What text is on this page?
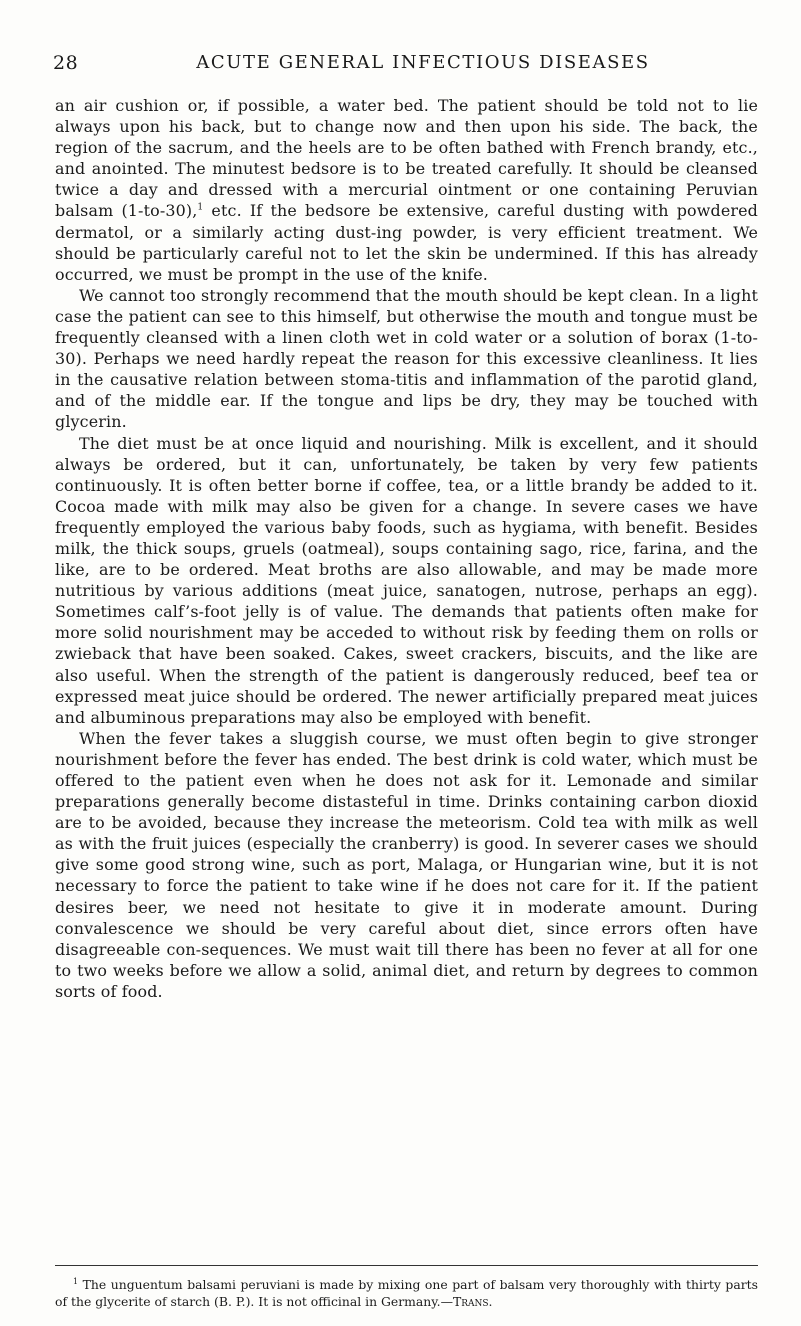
28	ACUTE GENERAL INFECTIOUS DISEASES

an air cushion or, if possible, a water bed. The patient should be told not to lie always upon his back, but to change now and then upon his side. The back, the region of the sacrum, and the heels are to be often bathed with French brandy, etc., and anointed. The minutest bedsore is to be treated carefully. It should be cleansed twice a day and dressed with a mercurial ointment or one containing Peruvian balsam (1-to-30),$^1$ etc. If the bedsore be extensive, careful dusting with powdered dermatol, or a similarly acting dust-ing powder, is very efficient treatment. We should be particularly careful not to let the skin be undermined. If this has already occurred, we must be prompt in the use of the knife.

We cannot too strongly recommend that the mouth should be kept clean. In a light case the patient can see to this himself, but otherwise the mouth and tongue must be frequently cleansed with a linen cloth wet in cold water or a solution of borax (1-to-30). Perhaps we need hardly repeat the reason for this excessive cleanliness. It lies in the causative relation between stoma-titis and inflammation of the parotid gland, and of the middle ear. If the tongue and lips be dry, they may be touched with glycerin.

The diet must be at once liquid and nourishing. Milk is excellent, and it should always be ordered, but it can, unfortunately, be taken by very few patients continuously. It is often better borne if coffee, tea, or a little brandy be added to it. Cocoa made with milk may also be given for a change. In severe cases we have frequently employed the various baby foods, such as hygiama, with benefit. Besides milk, the thick soups, gruels (oatmeal), soups containing sago, rice, farina, and the like, are to be ordered. Meat broths are also allowable, and may be made more nutritious by various additions (meat juice, sanatogen, nutrose, perhaps an egg). Sometimes calf’s-foot jelly is of value. The demands that patients often make for more solid nourishment may be acceded to without risk by feeding them on rolls or zwieback that have been soaked. Cakes, sweet crackers, biscuits, and the like are also useful. When the strength of the patient is dangerously reduced, beef tea or expressed meat juice should be ordered. The newer artificially prepared meat juices and albuminous preparations may also be employed with benefit.

When the fever takes a sluggish course, we must often begin to give stronger nourishment before the fever has ended. The best drink is cold water, which must be offered to the patient even when he does not ask for it. Lemonade and similar preparations generally become distasteful in time. Drinks containing carbon dioxid are to be avoided, because they increase the meteorism. Cold tea with milk as well as with the fruit juices (especially the cranberry) is good. In severer cases we should give some good strong wine, such as port, Malaga, or Hungarian wine, but it is not necessary to force the patient to take wine if he does not care for it. If the patient desires beer, we need not hesitate to give it in moderate amount. During convalescence we should be very careful about diet, since errors often have disagreeable con-sequences. We must wait till there has been no fever at all for one to two weeks before we allow a solid, animal diet, and return by degrees to common sorts of food.

$^1$ The unguentum balsami peruviani is made by mixing one part of balsam very thoroughly with thirty parts of the glycerite of starch (B. P.). It is not officinal in Germany.—Trans.
